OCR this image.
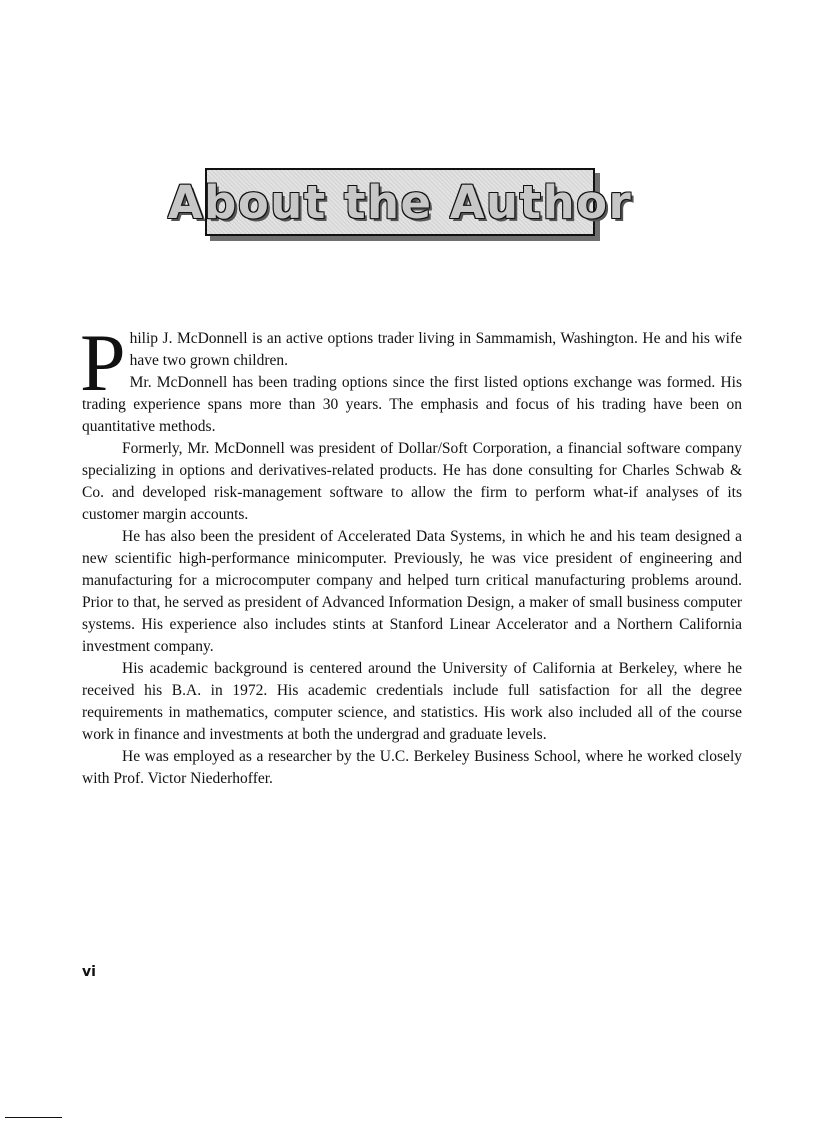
About the Author

Philip J. McDonnell is an active options trader living in Sammamish, Washington. He and his wife have two grown children.

Mr. McDonnell has been trading options since the first listed options exchange was formed. His trading experience spans more than 30 years. The emphasis and focus of his trading have been on quantitative methods.

Formerly, Mr. McDonnell was president of Dollar/Soft Corporation, a financial software company specializing in options and derivatives-related products. He has done consulting for Charles Schwab & Co. and developed risk-management software to allow the firm to perform what-if analyses of its customer margin accounts.

He has also been the president of Accelerated Data Systems, in which he and his team designed a new scientific high-performance minicomputer. Previously, he was vice president of engineering and manufacturing for a microcomputer company and helped turn critical manufacturing problems around. Prior to that, he served as president of Advanced Information Design, a maker of small business computer systems. His experience also includes stints at Stanford Linear Accelerator and a Northern California investment company.

His academic background is centered around the University of California at Berkeley, where he received his B.A. in 1972. His academic credentials include full satisfaction for all the degree requirements in mathematics, computer science, and statistics. His work also included all of the course work in finance and investments at both the undergrad and graduate levels.

He was employed as a researcher by the U.C. Berkeley Business School, where he worked closely with Prof. Victor Niederhoffer.

vi
